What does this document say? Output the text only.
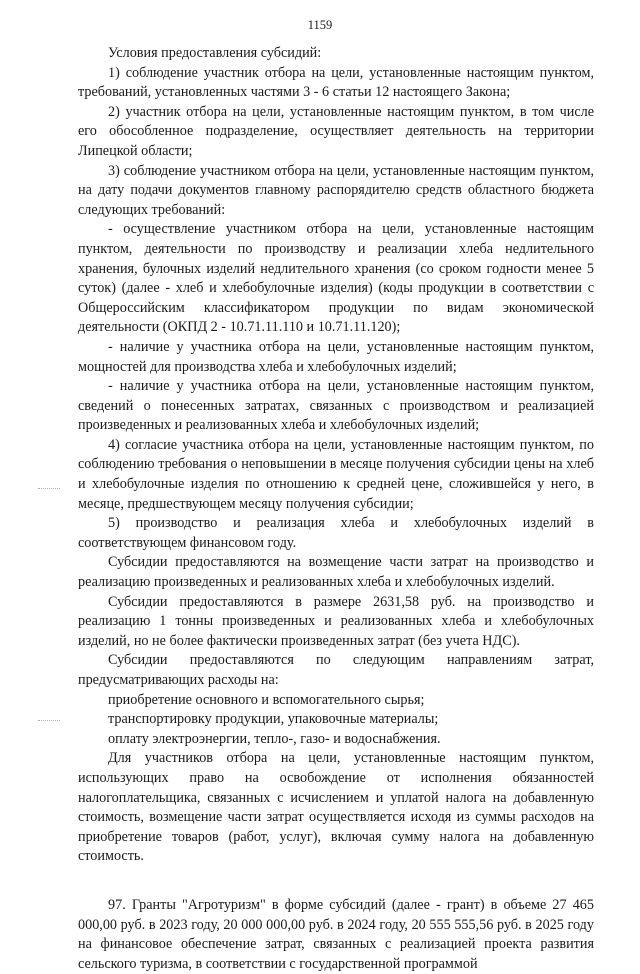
1159

Условия предоставления субсидий:

1) соблюдение участник отбора на цели, установленные настоящим пунктом, требований, установленных частями 3 - 6 статьи 12 настоящего Закона;

2) участник отбора на цели, установленные настоящим пунктом, в том числе его обособленное подразделение, осуществляет деятельность на территории Липецкой области;

3) соблюдение участником отбора на цели, установленные настоящим пунктом, на дату подачи документов главному распорядителю средств областного бюджета следующих требований:

- осуществление участником отбора на цели, установленные настоящим пунктом, деятельности по производству и реализации хлеба недлительного хранения, булочных изделий недлительного хранения (со сроком годности менее 5 суток) (далее - хлеб и хлебобулочные изделия) (коды продукции в соответствии с Общероссийским классификатором продукции по видам экономической деятельности (ОКПД 2 - 10.71.11.110 и 10.71.11.120);

- наличие у участника отбора на цели, установленные настоящим пунктом, мощностей для производства хлеба и хлебобулочных изделий;

- наличие у участника отбора на цели, установленные настоящим пунктом, сведений о понесенных затратах, связанных с производством и реализацией произведенных и реализованных хлеба и хлебобулочных изделий;

4) согласие участника отбора на цели, установленные настоящим пунктом, по соблюдению требования о неповышении в месяце получения субсидии цены на хлеб и хлебобулочные изделия по отношению к средней цене, сложившейся у него, в месяце, предшествующем месяцу получения субсидии;

5) производство и реализация хлеба и хлебобулочных изделий в соответствующем финансовом году.

Субсидии предоставляются на возмещение части затрат на производство и реализацию произведенных и реализованных хлеба и хлебобулочных изделий.

Субсидии предоставляются в размере 2631,58 руб. на производство и реализацию 1 тонны произведенных и реализованных хлеба и хлебобулочных изделий, но не более фактически произведенных затрат (без учета НДС).

Субсидии предоставляются по следующим направлениям затрат, предусматривающих расходы на:

приобретение основного и вспомогательного сырья;

транспортировку продукции, упаковочные материалы;

оплату электроэнергии, тепло-, газо- и водоснабжения.

Для участников отбора на цели, установленные настоящим пунктом, использующих право на освобождение от исполнения обязанностей налогоплательщика, связанных с исчислением и уплатой налога на добавленную стоимость, возмещение части затрат осуществляется исходя из суммы расходов на приобретение товаров (работ, услуг), включая сумму налога на добавленную стоимость.

97. Гранты "Агротуризм" в форме субсидий (далее - грант) в объеме 27 465 000,00 руб. в 2023 году, 20 000 000,00 руб. в 2024 году, 20 555 555,56 руб. в 2025 году на финансовое обеспечение затрат, связанных с реализацией проекта развития сельского туризма, в соответствии с государственной программой
